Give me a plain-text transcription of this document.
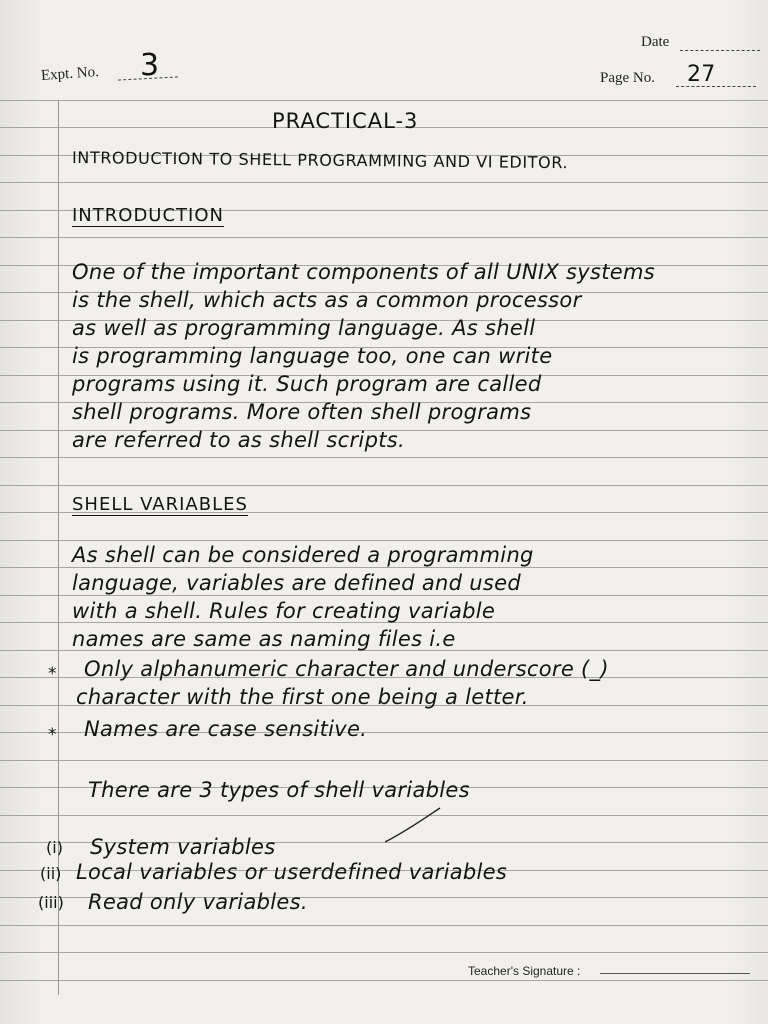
Date
Expt. No. 3	Page No. 27
PRACTICAL-3
INTRODUCTION TO SHELL PROGRAMMING AND VI EDITOR.
INTRODUCTION
One of the important components of all UNIX systems
is the shell, which acts as a common processor
as well as programming language. As shell
is programming language too, one can write
programs using it. Such program are called
shell programs. More often shell programs
are referred to as shell scripts.
SHELL VARIABLES
As shell can be considered a programming
language, variables are defined and used
with a shell. Rules for creating variable
names are same as naming files i.e
* Only alphanumeric character and underscore (_)
character with the first one being a letter.
* Names are case sensitive.
There are 3 types of shell variables
(i) System variables
(ii) Local variables or userdefined variables
(iii) Read only variables.
Teacher's Signature :
